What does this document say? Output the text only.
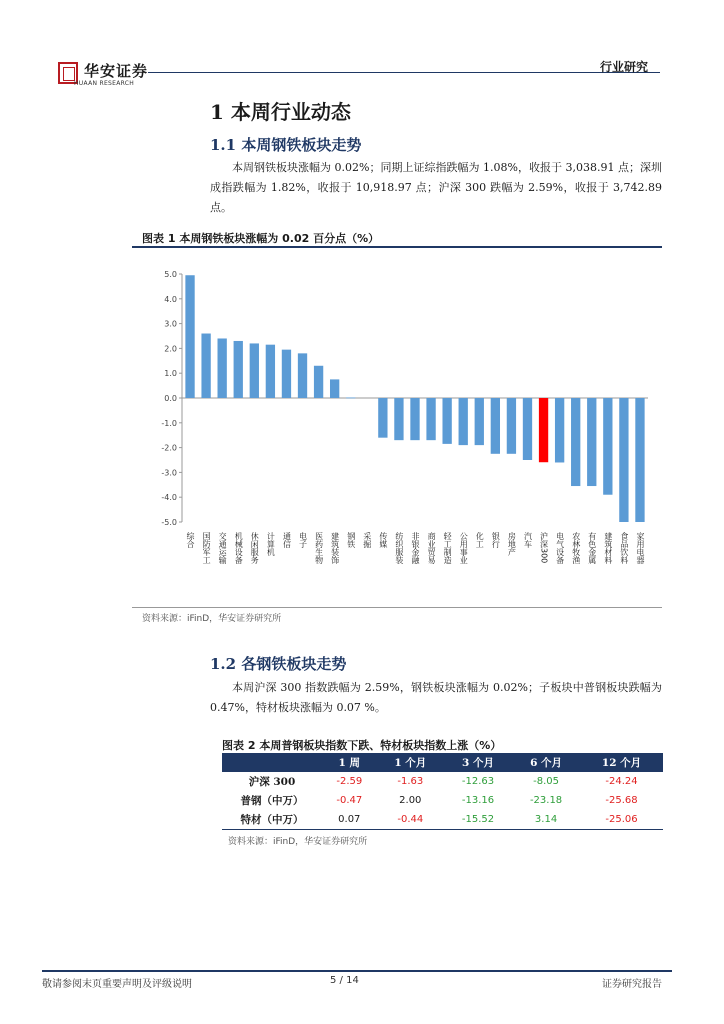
华安证券
HUAAN RESEARCH
行业研究
1 本周行业动态
1.1 本周钢铁板块走势
本周钢铁板块涨幅为 0.02%；同期上证综指跌幅为 1.08%，收报于 3,038.91 点；深圳成指跌幅为 1.82%，收报于 10,918.97 点；沪深 300 跌幅为 2.59%，收报于 3,742.89 点。
图表 1 本周钢铁板块涨幅为 0.02 百分点（%）
5.0
4.0
3.0
2.0
1.0
0.0
-1.0
-2.0
-3.0
-4.0
-5.0
综合 国防军工 交通运输 机械设备 休闲服务 计算机 通信 电子 医药生物 建筑装饰 钢铁 采掘 传媒 纺织服装 非银金融 商业贸易 轻工制造 公用事业 化工 银行 房地产 汽车 沪深300 电气设备 农林牧渔 有色金属 建筑材料 食品饮料 家用电器
资料来源：iFinD，华安证券研究所
1.2 各钢铁板块走势
本周沪深 300 指数跌幅为 2.59%，钢铁板块涨幅为 0.02%；子板块中普钢板块跌幅为 0.47%，特材板块涨幅为 0.07 %。
图表 2 本周普钢板块指数下跌、特材板块指数上涨（%）
	1 周	1 个月	3 个月	6 个月	12 个月
沪深 300	-2.59	-1.63	-12.63	-8.05	-24.24
普钢（中万）	-0.47	2.00	-13.16	-23.18	-25.68
特材（中万）	0.07	-0.44	-15.52	3.14	-25.06
资料来源：iFinD，华安证券研究所
敬请参阅末页重要声明及评级说明	5 / 14	证券研究报告
